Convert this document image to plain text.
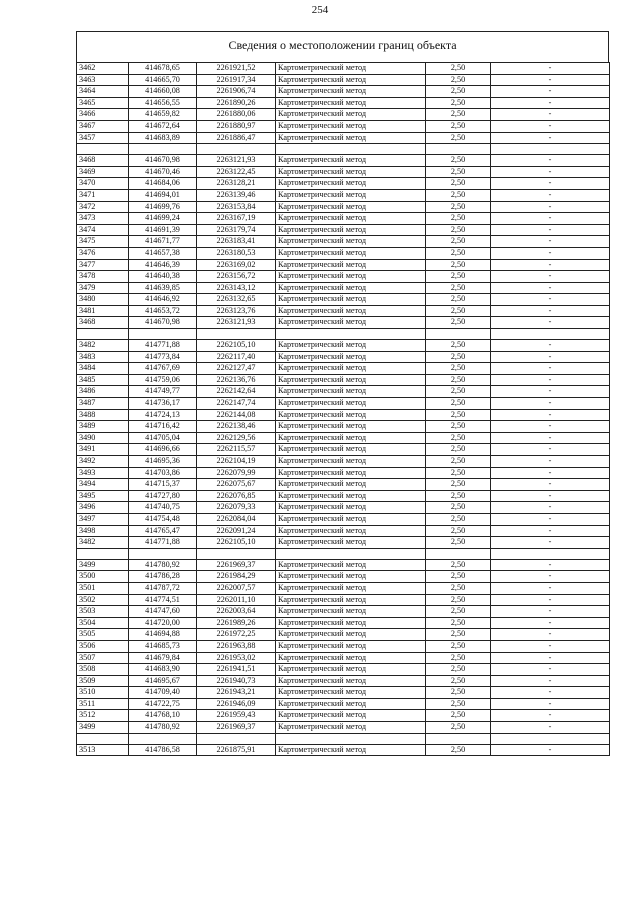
254
Сведения о местоположении границ объекта
3462	414678,65	2261921,52	Картометрический метод	2,50	-
3463	414665,70	2261917,34	Картометрический метод	2,50	-
3464	414660,08	2261906,74	Картометрический метод	2,50	-
3465	414656,55	2261890,26	Картометрический метод	2,50	-
3466	414659,82	2261880,06	Картометрический метод	2,50	-
3467	414672,64	2261880,97	Картометрический метод	2,50	-
3457	414683,89	2261886,47	Картометрический метод	2,50	-

3468	414670,98	2263121,93	Картометрический метод	2,50	-
3469	414670,46	2263122,45	Картометрический метод	2,50	-
3470	414684,06	2263128,21	Картометрический метод	2,50	-
3471	414694,01	2263139,46	Картометрический метод	2,50	-
3472	414699,76	2263153,84	Картометрический метод	2,50	-
3473	414699,24	2263167,19	Картометрический метод	2,50	-
3474	414691,39	2263179,74	Картометрический метод	2,50	-
3475	414671,77	2263183,41	Картометрический метод	2,50	-
3476	414657,38	2263180,53	Картометрический метод	2,50	-
3477	414646,39	2263169,02	Картометрический метод	2,50	-
3478	414640,38	2263156,72	Картометрический метод	2,50	-
3479	414639,85	2263143,12	Картометрический метод	2,50	-
3480	414646,92	2263132,65	Картометрический метод	2,50	-
3481	414653,72	2263123,76	Картометрический метод	2,50	-
3468	414670,98	2263121,93	Картометрический метод	2,50	-

3482	414771,88	2262105,10	Картометрический метод	2,50	-
3483	414773,84	2262117,40	Картометрический метод	2,50	-
3484	414767,69	2262127,47	Картометрический метод	2,50	-
3485	414759,06	2262136,76	Картометрический метод	2,50	-
3486	414749,77	2262142,64	Картометрический метод	2,50	-
3487	414736,17	2262147,74	Картометрический метод	2,50	-
3488	414724,13	2262144,08	Картометрический метод	2,50	-
3489	414716,42	2262138,46	Картометрический метод	2,50	-
3490	414705,04	2262129,56	Картометрический метод	2,50	-
3491	414696,66	2262115,57	Картометрический метод	2,50	-
3492	414695,36	2262104,19	Картометрический метод	2,50	-
3493	414703,86	2262079,99	Картометрический метод	2,50	-
3494	414715,37	2262075,67	Картометрический метод	2,50	-
3495	414727,80	2262076,85	Картометрический метод	2,50	-
3496	414740,75	2262079,33	Картометрический метод	2,50	-
3497	414754,48	2262084,04	Картометрический метод	2,50	-
3498	414765,47	2262091,24	Картометрический метод	2,50	-
3482	414771,88	2262105,10	Картометрический метод	2,50	-

3499	414780,92	2261969,37	Картометрический метод	2,50	-
3500	414786,28	2261984,29	Картометрический метод	2,50	-
3501	414787,72	2262007,57	Картометрический метод	2,50	-
3502	414774,51	2262011,10	Картометрический метод	2,50	-
3503	414747,60	2262003,64	Картометрический метод	2,50	-
3504	414720,00	2261989,26	Картометрический метод	2,50	-
3505	414694,88	2261972,25	Картометрический метод	2,50	-
3506	414685,73	2261963,88	Картометрический метод	2,50	-
3507	414679,84	2261953,02	Картометрический метод	2,50	-
3508	414683,90	2261941,51	Картометрический метод	2,50	-
3509	414695,67	2261940,73	Картометрический метод	2,50	-
3510	414709,40	2261943,21	Картометрический метод	2,50	-
3511	414722,75	2261946,09	Картометрический метод	2,50	-
3512	414768,10	2261959,43	Картометрический метод	2,50	-
3499	414780,92	2261969,37	Картометрический метод	2,50	-

3513	414786,58	2261875,91	Картометрический метод	2,50	-
